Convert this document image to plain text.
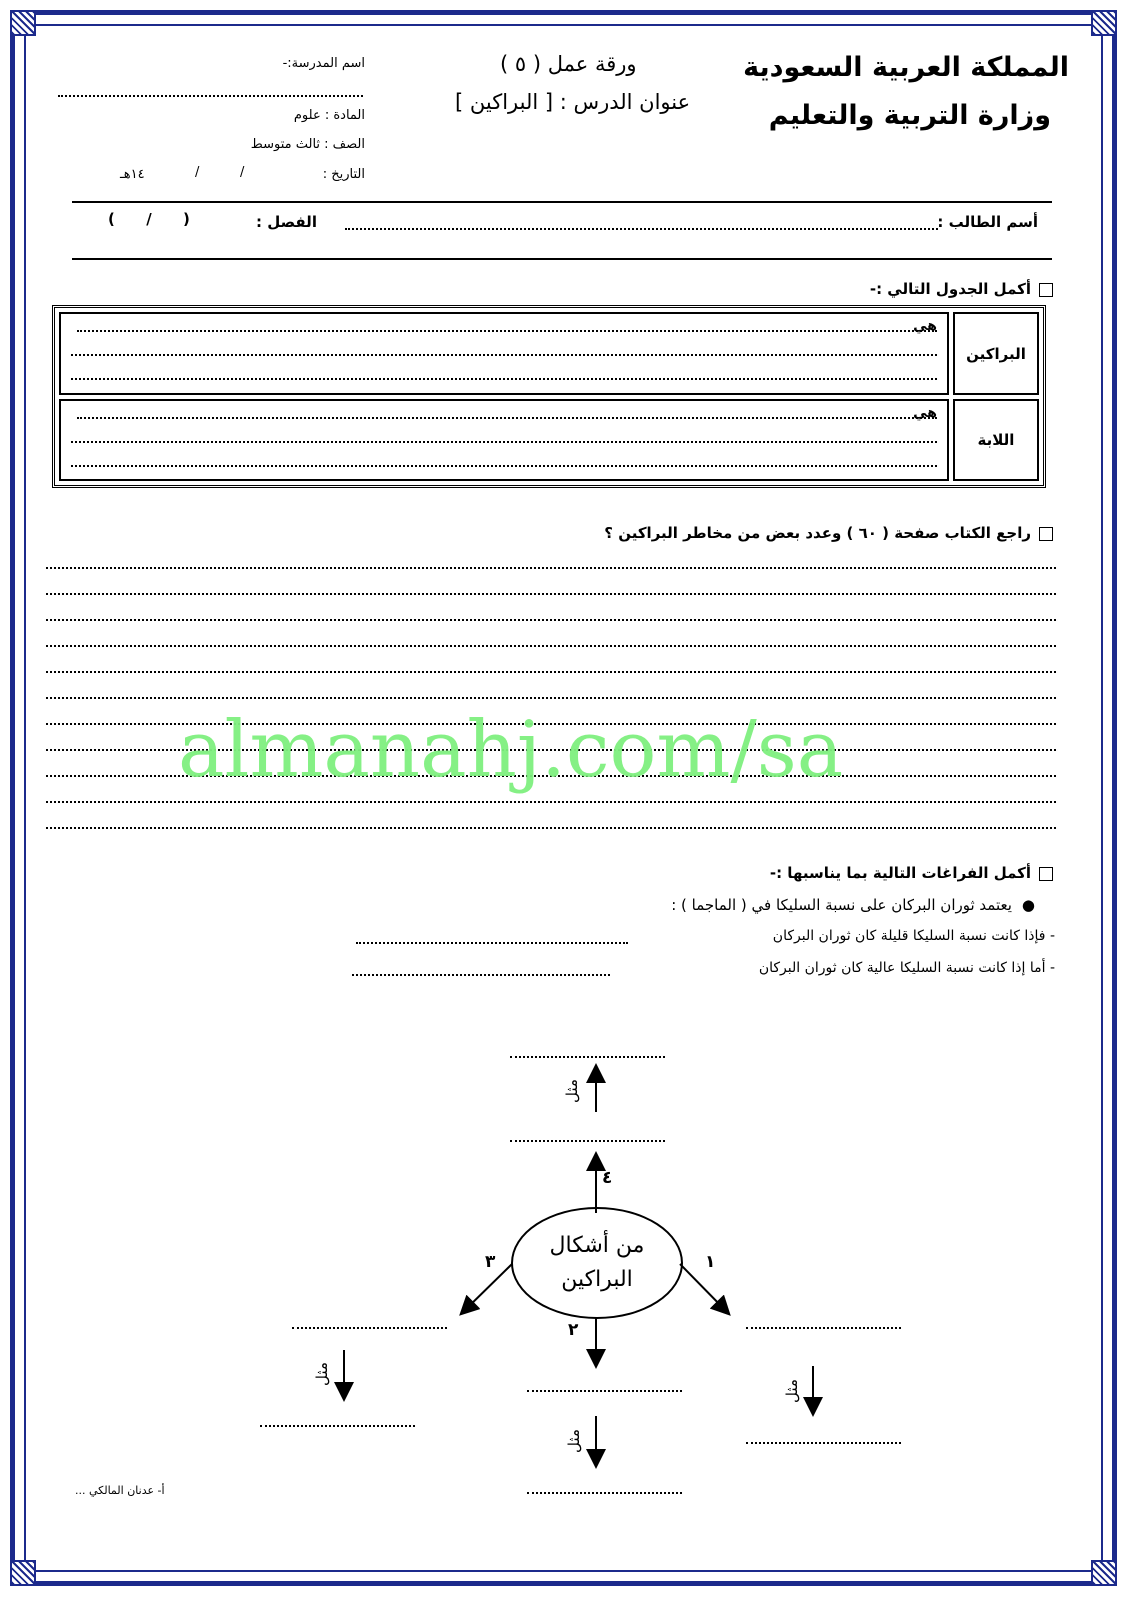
المملكة العربية السعودية
وزارة التربية والتعليم
ورقة عمل ( ٥ )
عنوان الدرس : [ البراكين ]
اسم المدرسة:-
المادة : علوم
الصف : ثالث متوسط
التاريخ :
/
/
١٤هـ
أسم الطالب :
الفصل :
(      /      )
أكمل الجدول التالي :-
هي	البراكين

هي	اللابة
راجع الكتاب صفحة ( ٦٠ ) وعدد بعض من مخاطر البراكين ؟
almanahj.com/sa
أكمل الفراغات التالية بما يناسبها :-
●يعتمد ثوران البركان على نسبة السليكا في ( الماجما ) :
- فإذا كانت نسبة السليكا قليلة كان ثوران البركان
- أما إذا كانت نسبة السليكا عالية كان ثوران البركان
من أشكال البراكين
٤
١
٣
٢
مثل
مثل
مثل
مثل
أ- عدنان المالكي ...
